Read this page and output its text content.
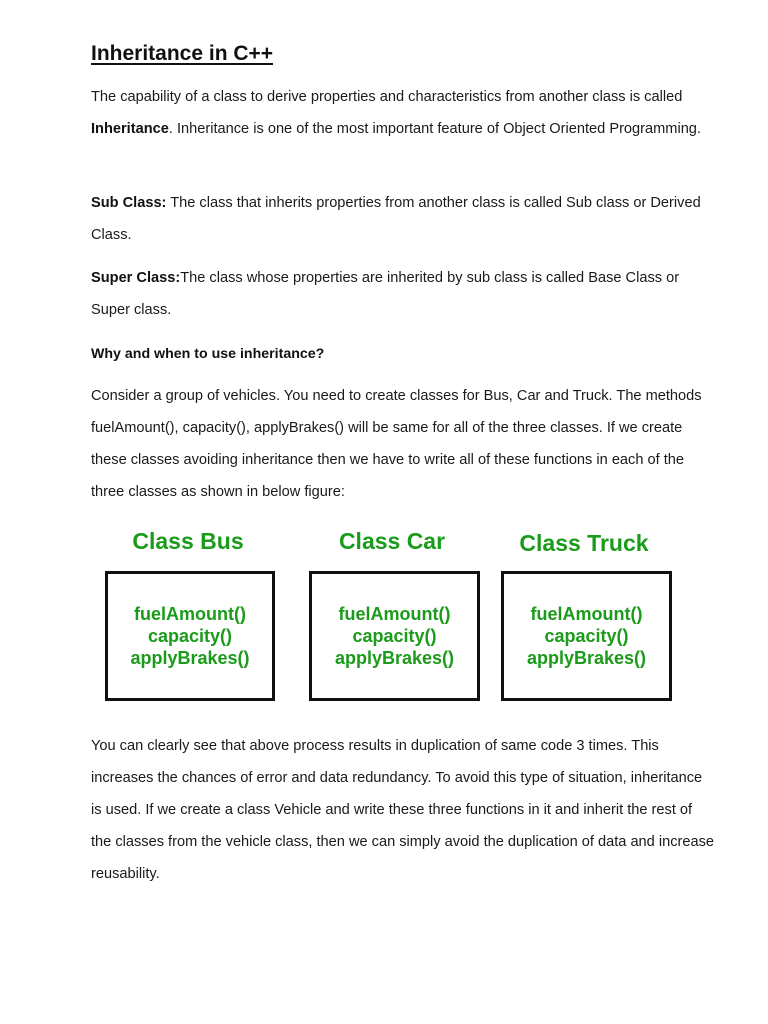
Inheritance in C++

The capability of a class to derive properties and characteristics from another class is called Inheritance. Inheritance is one of the most important feature of Object Oriented Programming.

Sub Class: The class that inherits properties from another class is called Sub class or Derived Class.

Super Class:The class whose properties are inherited by sub class is called Base Class or Super class.

Why and when to use inheritance?

Consider a group of vehicles. You need to create classes for Bus, Car and Truck. The methods fuelAmount(), capacity(), applyBrakes() will be same for all of the three classes. If we create these classes avoiding inheritance then we have to write all of these functions in each of the three classes as shown in below figure:

Class Bus
fuelAmount()
capacity()
applyBrakes()
Class Car
fuelAmount()
capacity()
applyBrakes()
Class Truck
fuelAmount()
capacity()
applyBrakes()

You can clearly see that above process results in duplication of same code 3 times. This increases the chances of error and data redundancy. To avoid this type of situation, inheritance is used. If we create a class Vehicle and write these three functions in it and inherit the rest of the classes from the vehicle class, then we can simply avoid the duplication of data and increase reusability.
